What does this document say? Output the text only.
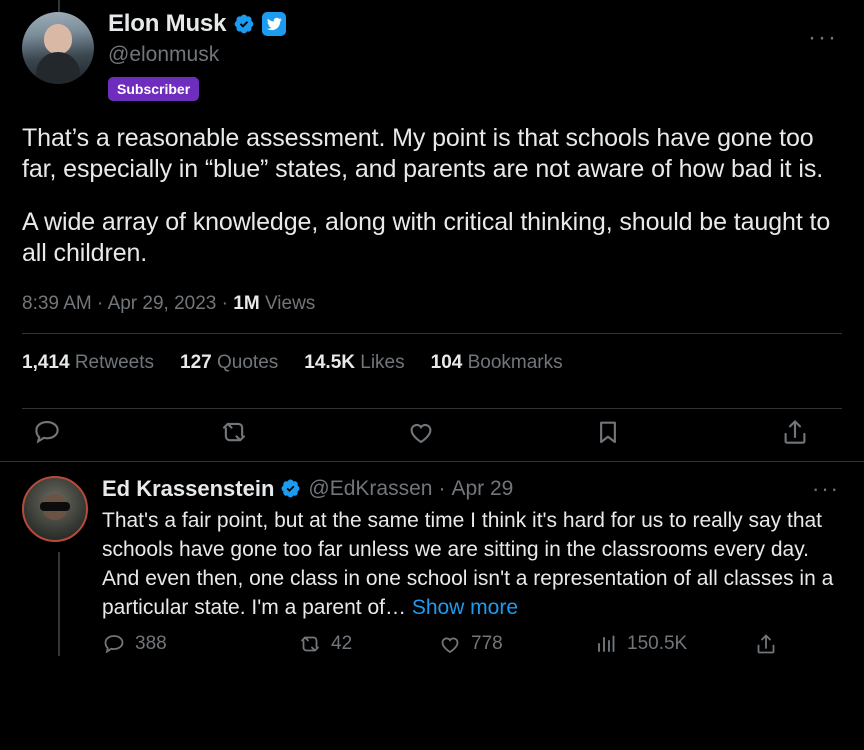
Elon Musk
@elonmusk
Subscriber
···

That’s a reasonable assessment. My point is that schools have gone too far, especially in “blue” states, and parents are not aware of how bad it is.

A wide array of knowledge, along with critical thinking, should be taught to all children.

8:39 AM · Apr 29, 2023 · 1M Views
1,414 Retweets 127 Quotes 14.5K Likes 104 Bookmarks
Ed Krassenstein @EdKrassen · Apr 29	···
That's a fair point, but at the same time I think it's hard for us to really say that schools have gone too far unless we are sitting in the classrooms every day. And even then, one class in one school isn't a representation of all classes in a particular state. I'm a parent of… Show more
388	42	778	150.5K
